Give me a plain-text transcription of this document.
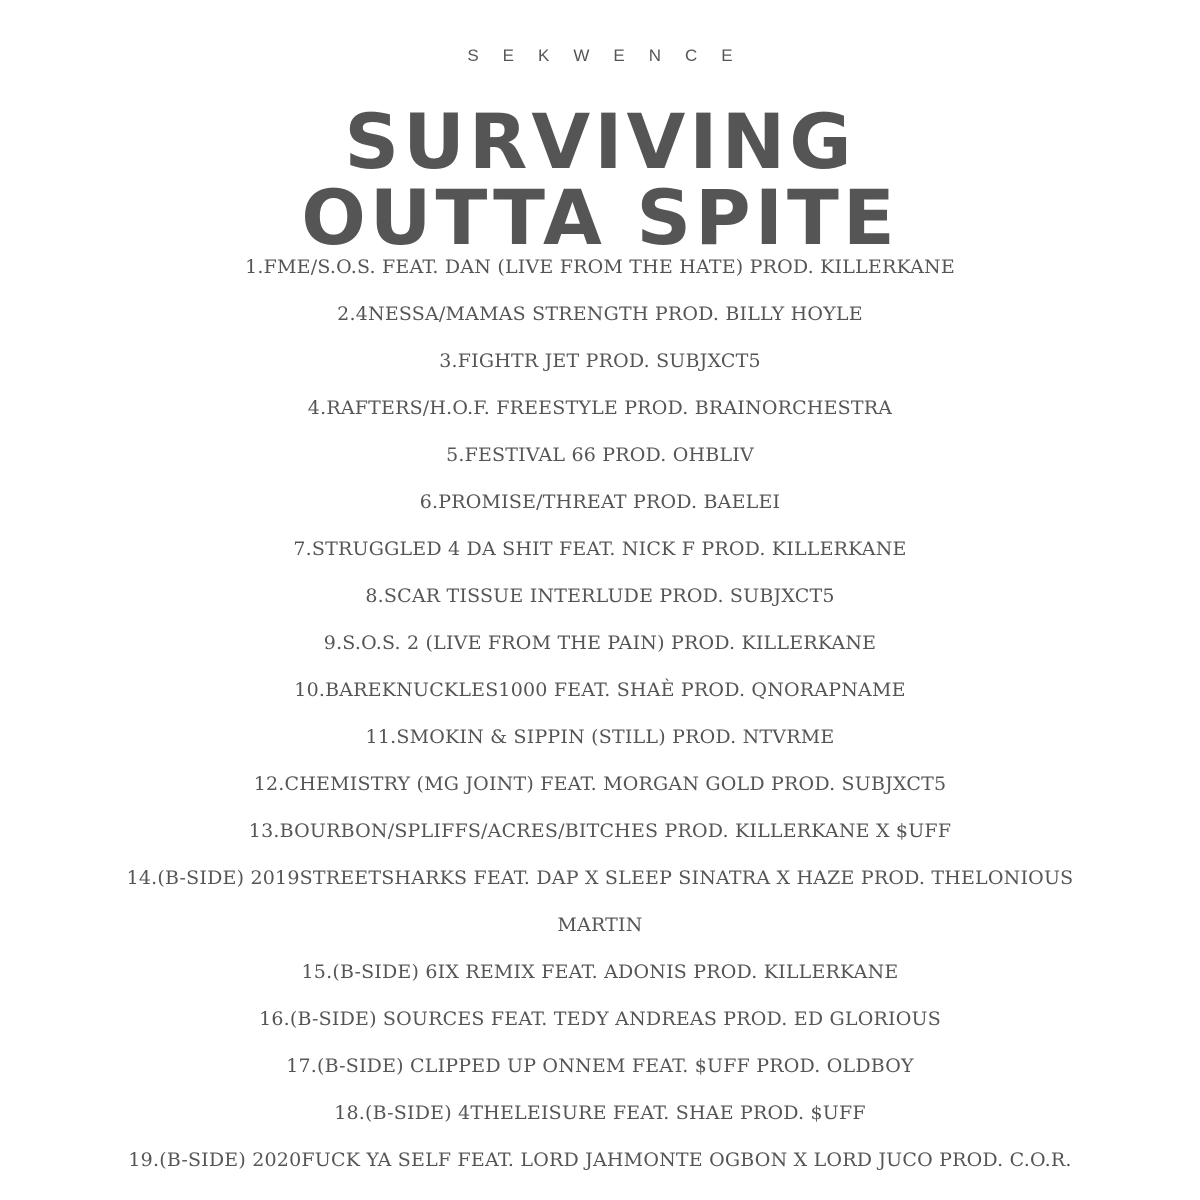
SEKWENCE
SURVIVING
OUTTA SPITE
1.FME/S.O.S. FEAT. DAN (LIVE FROM THE HATE) PROD. KILLERKANE
2.4NESSA/MAMAS STRENGTH PROD. BILLY HOYLE
3.FIGHTR JET PROD. SUBJXCT5
4.RAFTERS/H.O.F. FREESTYLE PROD. BRAINORCHESTRA
5.FESTIVAL 66 PROD. OHBLIV
6.PROMISE/THREAT PROD. BAELEI
7.STRUGGLED 4 DA SHIT FEAT. NICK F PROD. KILLERKANE
8.SCAR TISSUE INTERLUDE PROD. SUBJXCT5
9.S.O.S. 2 (LIVE FROM THE PAIN) PROD. KILLERKANE
10.BAREKNUCKLES1000 FEAT. SHAÈ PROD. QNORAPNAME
11.SMOKIN & SIPPIN (STILL) PROD. NTVRME
12.CHEMISTRY (MG JOINT) FEAT. MORGAN GOLD PROD. SUBJXCT5
13.BOURBON/SPLIFFS/ACRES/BITCHES PROD. KILLERKANE X $UFF
14.(B-SIDE) 2019STREETSHARKS FEAT. DAP X SLEEP SINATRA X HAZE PROD. THELONIOUS
MARTIN
15.(B-SIDE) 6IX REMIX FEAT. ADONIS PROD. KILLERKANE
16.(B-SIDE) SOURCES FEAT. TEDY ANDREAS PROD. ED GLORIOUS
17.(B-SIDE) CLIPPED UP ONNEM FEAT. $UFF PROD. OLDBOY
18.(B-SIDE) 4THELEISURE FEAT. SHAE PROD. $UFF
19.(B-SIDE) 2020FUCK YA SELF FEAT. LORD JAHMONTE OGBON X LORD JUCO PROD. C.O.R.
